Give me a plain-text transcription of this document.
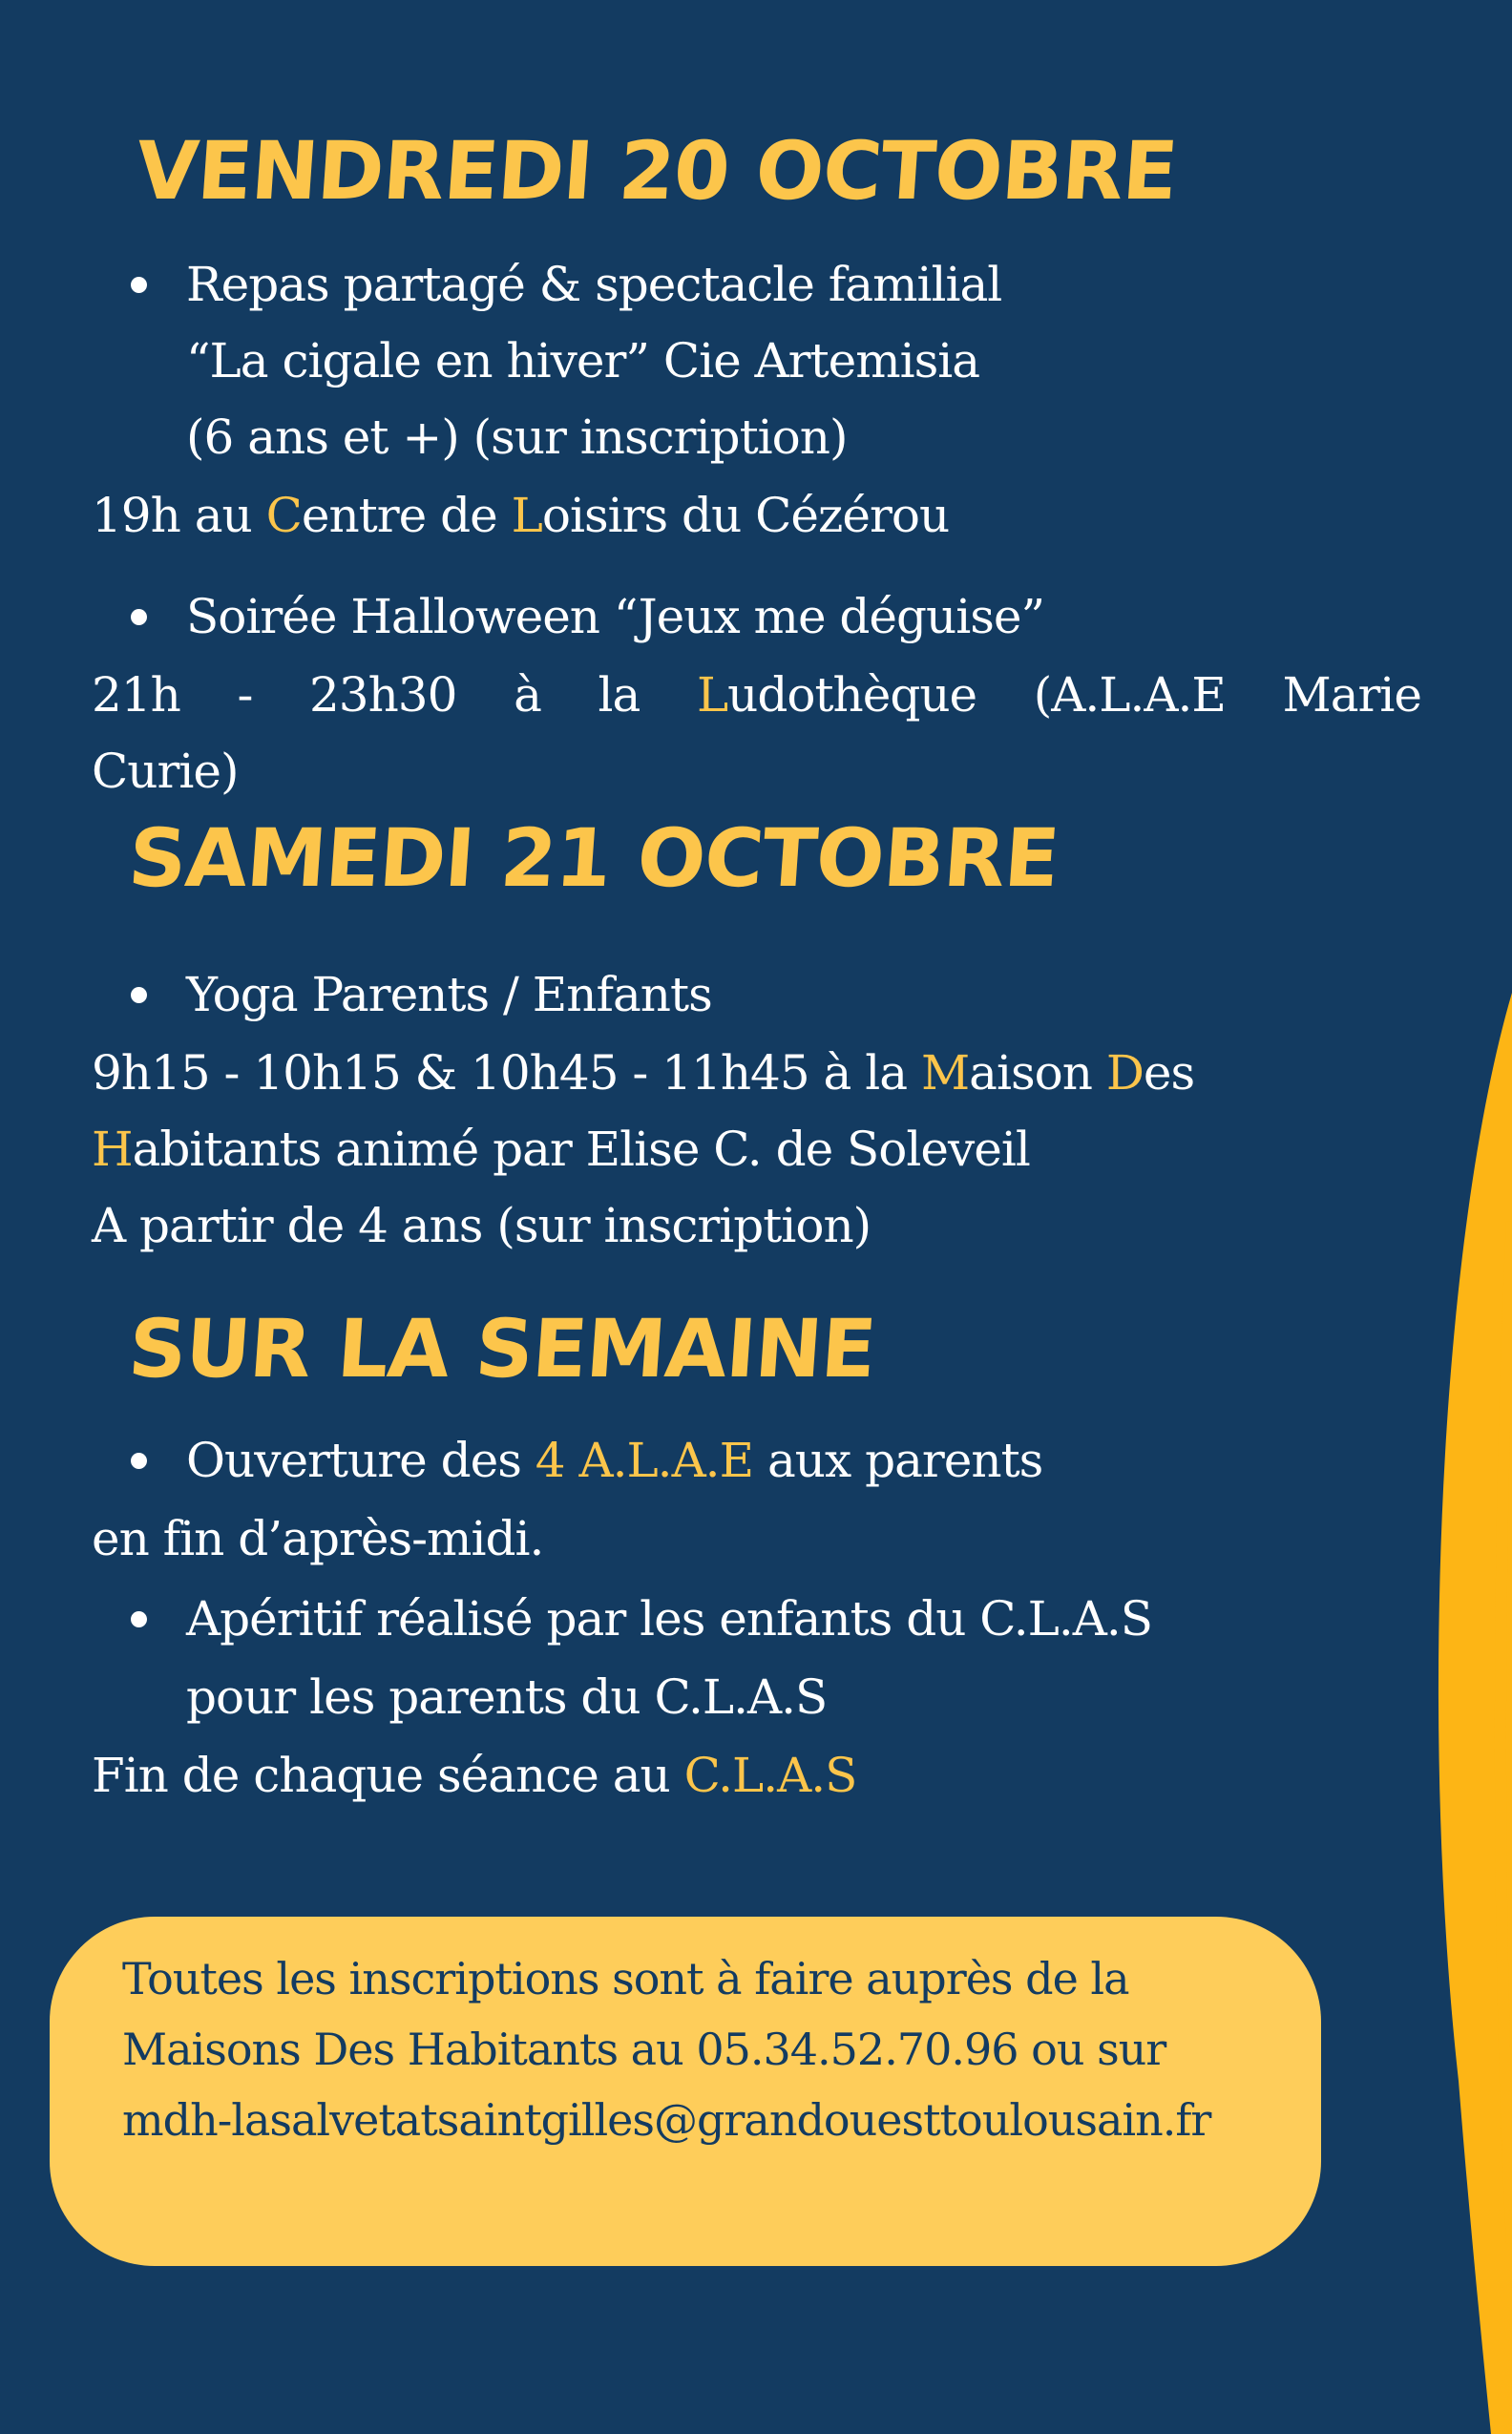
VENDREDI 20 OCTOBRE

Repas partagé & spectacle familial

“La cigale en hiver” Cie Artemisia

(6 ans et +) (sur inscription)

19h au Centre de Loisirs du Cézérou

Soirée Halloween “Jeux me déguise”

21h - 23h30 à la Ludothèque (A.L.A.E Marie

Curie)

SAMEDI 21 OCTOBRE

Yoga Parents / Enfants

9h15 - 10h15 & 10h45 - 11h45 à la Maison Des

Habitants animé par Elise C. de Soleveil

A partir de 4 ans (sur inscription)

SUR LA SEMAINE

Ouverture des 4 A.L.A.E aux parents

en fin d’après-midi.

Apéritif réalisé par les enfants du C.L.A.S

pour les parents du C.L.A.S

Fin de chaque séance au C.L.A.S

Toutes les inscriptions sont à faire auprès de la

Maisons Des Habitants au 05.34.52.70.96 ou sur

mdh-lasalvetatsaintgilles@grandouesttoulousain.fr
